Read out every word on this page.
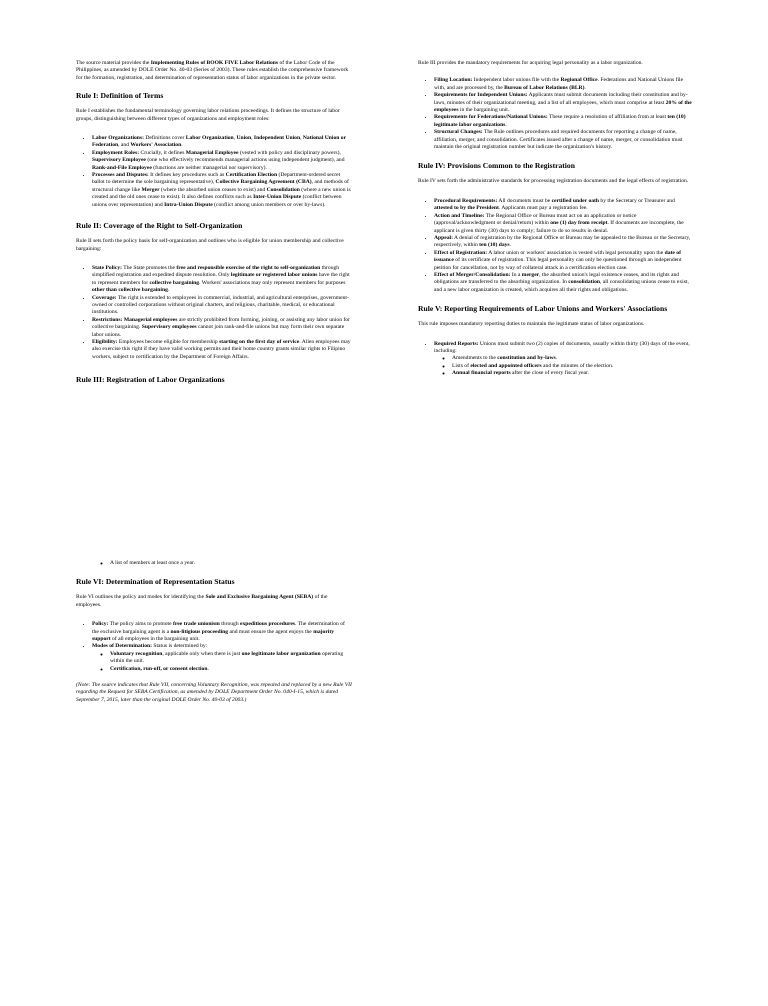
The source material provides the Implementing Rules of BOOK FIVE Labor Relations of the Labor Code of the Philippines, as amended by DOLE Order No. 40-03 (Series of 2003). These rules establish the comprehensive framework for the formation, registration, and determination of representation status of labor organizations in the private sector.

Rule I: Definition of Terms

Rule I establishes the fundamental terminology governing labor relations proceedings. It defines the structure of labor groups, distinguishing between different types of organizations and employment roles:

• Labor Organizations: Definitions cover Labor Organization, Union, Independent Union, National Union or Federation, and Workers' Association.
• Employment Roles: Crucially, it defines Managerial Employee (vested with policy and disciplinary powers), Supervisory Employee (one who effectively recommends managerial actions using independent judgment), and Rank-and-File Employee (functions are neither managerial nor supervisory).
• Processes and Disputes: It defines key procedures such as Certification Election (Department-ordered secret ballot to determine the sole bargaining representative), Collective Bargaining Agreement (CBA), and methods of structural change like Merger (where the absorbed union ceases to exist) and Consolidation (where a new union is created and the old ones cease to exist). It also defines conflicts such as Inter-Union Dispute (conflict between unions over representation) and Intra-Union Dispute (conflict among union members or over by-laws).
Rule II: Coverage of the Right to Self-Organization

Rule II sets forth the policy basis for self-organization and outlines who is eligible for union membership and collective bargaining:

• State Policy: The State promotes the free and responsible exercise of the right to self-organization through simplified registration and expedited dispute resolution. Only legitimate or registered labor unions have the right to represent members for collective bargaining. Workers' associations may only represent members for purposes other than collective bargaining.
• Coverage: The right is extended to employees in commercial, industrial, and agricultural enterprises, government-owned or controlled corporations without original charters, and religious, charitable, medical, or educational institutions.
• Restrictions: Managerial employees are strictly prohibited from forming, joining, or assisting any labor union for collective bargaining. Supervisory employees cannot join rank-and-file unions but may form their own separate labor unions.
• Eligibility: Employees become eligible for membership starting on the first day of service. Alien employees may also exercise this right if they have valid working permits and their home country grants similar rights to Filipino workers, subject to certification by the Department of Foreign Affairs.
Rule III: Registration of Labor Organizations
◦ A list of members at least once a year.
Rule VI: Determination of Representation Status

Rule VI outlines the policy and modes for identifying the Sole and Exclusive Bargaining Agent (SEBA) of the employees.

• Policy: The policy aims to promote free trade unionism through expeditious procedures. The determination of the exclusive bargaining agent is a non-litigious proceeding and must ensure the agent enjoys the majority support of all employees in the bargaining unit.
• Modes of Determination: Status is determined by:
◦ Voluntary recognition, applicable only when there is just one legitimate labor organization operating within the unit.
◦ Certification, run-off, or consent election.

(Note: The source indicates that Rule VII, concerning Voluntary Recognition, was repealed and replaced by a new Rule VII regarding the Request for SEBA Certification, as amended by DOLE Department Order No. 040-I-15, which is dated September 7, 2015, later than the original DOLE Order No. 40-03 of 2003.)

Rule III provides the mandatory requirements for acquiring legal personality as a labor organization.

• Filing Location: Independent labor unions file with the Regional Office. Federations and National Unions file with, and are processed by, the Bureau of Labor Relations (BLR).
• Requirements for Independent Unions: Applicants must submit documents including their constitution and by-laws, minutes of their organizational meeting, and a list of all employees, which must comprise at least 20% of the employees in the bargaining unit.
• Requirements for Federations/National Unions: These require a resolution of affiliation from at least ten (10) legitimate labor organizations.
• Structural Changes: The Rule outlines procedures and required documents for reporting a change of name, affiliation, merger, and consolidation. Certificates issued after a change of name, merger, or consolidation must maintain the original registration number but indicate the organization's history.
Rule IV: Provisions Common to the Registration

Rule IV sets forth the administrative standards for processing registration documents and the legal effects of registration.

• Procedural Requirements: All documents must be certified under oath by the Secretary or Treasurer and attested to by the President. Applicants must pay a registration fee.
• Action and Timeline: The Regional Office or Bureau must act on an application or notice (approval/acknowledgment or denial/return) within one (1) day from receipt. If documents are incomplete, the applicant is given thirty (30) days to comply; failure to do so results in denial.
• Appeal: A denial of registration by the Regional Office or Bureau may be appealed to the Bureau or the Secretary, respectively, within ten (10) days.
• Effect of Registration: A labor union or workers' association is vested with legal personality upon the date of issuance of its certificate of registration. This legal personality can only be questioned through an independent petition for cancellation, not by way of collateral attack in a certification election case.
• Effect of Merger/Consolidation: In a merger, the absorbed union's legal existence ceases, and its rights and obligations are transferred to the absorbing organization. In consolidation, all consolidating unions cease to exist, and a new labor organization is created, which acquires all their rights and obligations.
Rule V: Reporting Requirements of Labor Unions and Workers' Associations

This rule imposes mandatory reporting duties to maintain the legitimate status of labor organizations.

• Required Reports: Unions must submit two (2) copies of documents, usually within thirty (30) days of the event, including:
◦ Amendments to the constitution and by-laws.
◦ Lists of elected and appointed officers and the minutes of the election.
◦ Annual financial reports after the close of every fiscal year.
